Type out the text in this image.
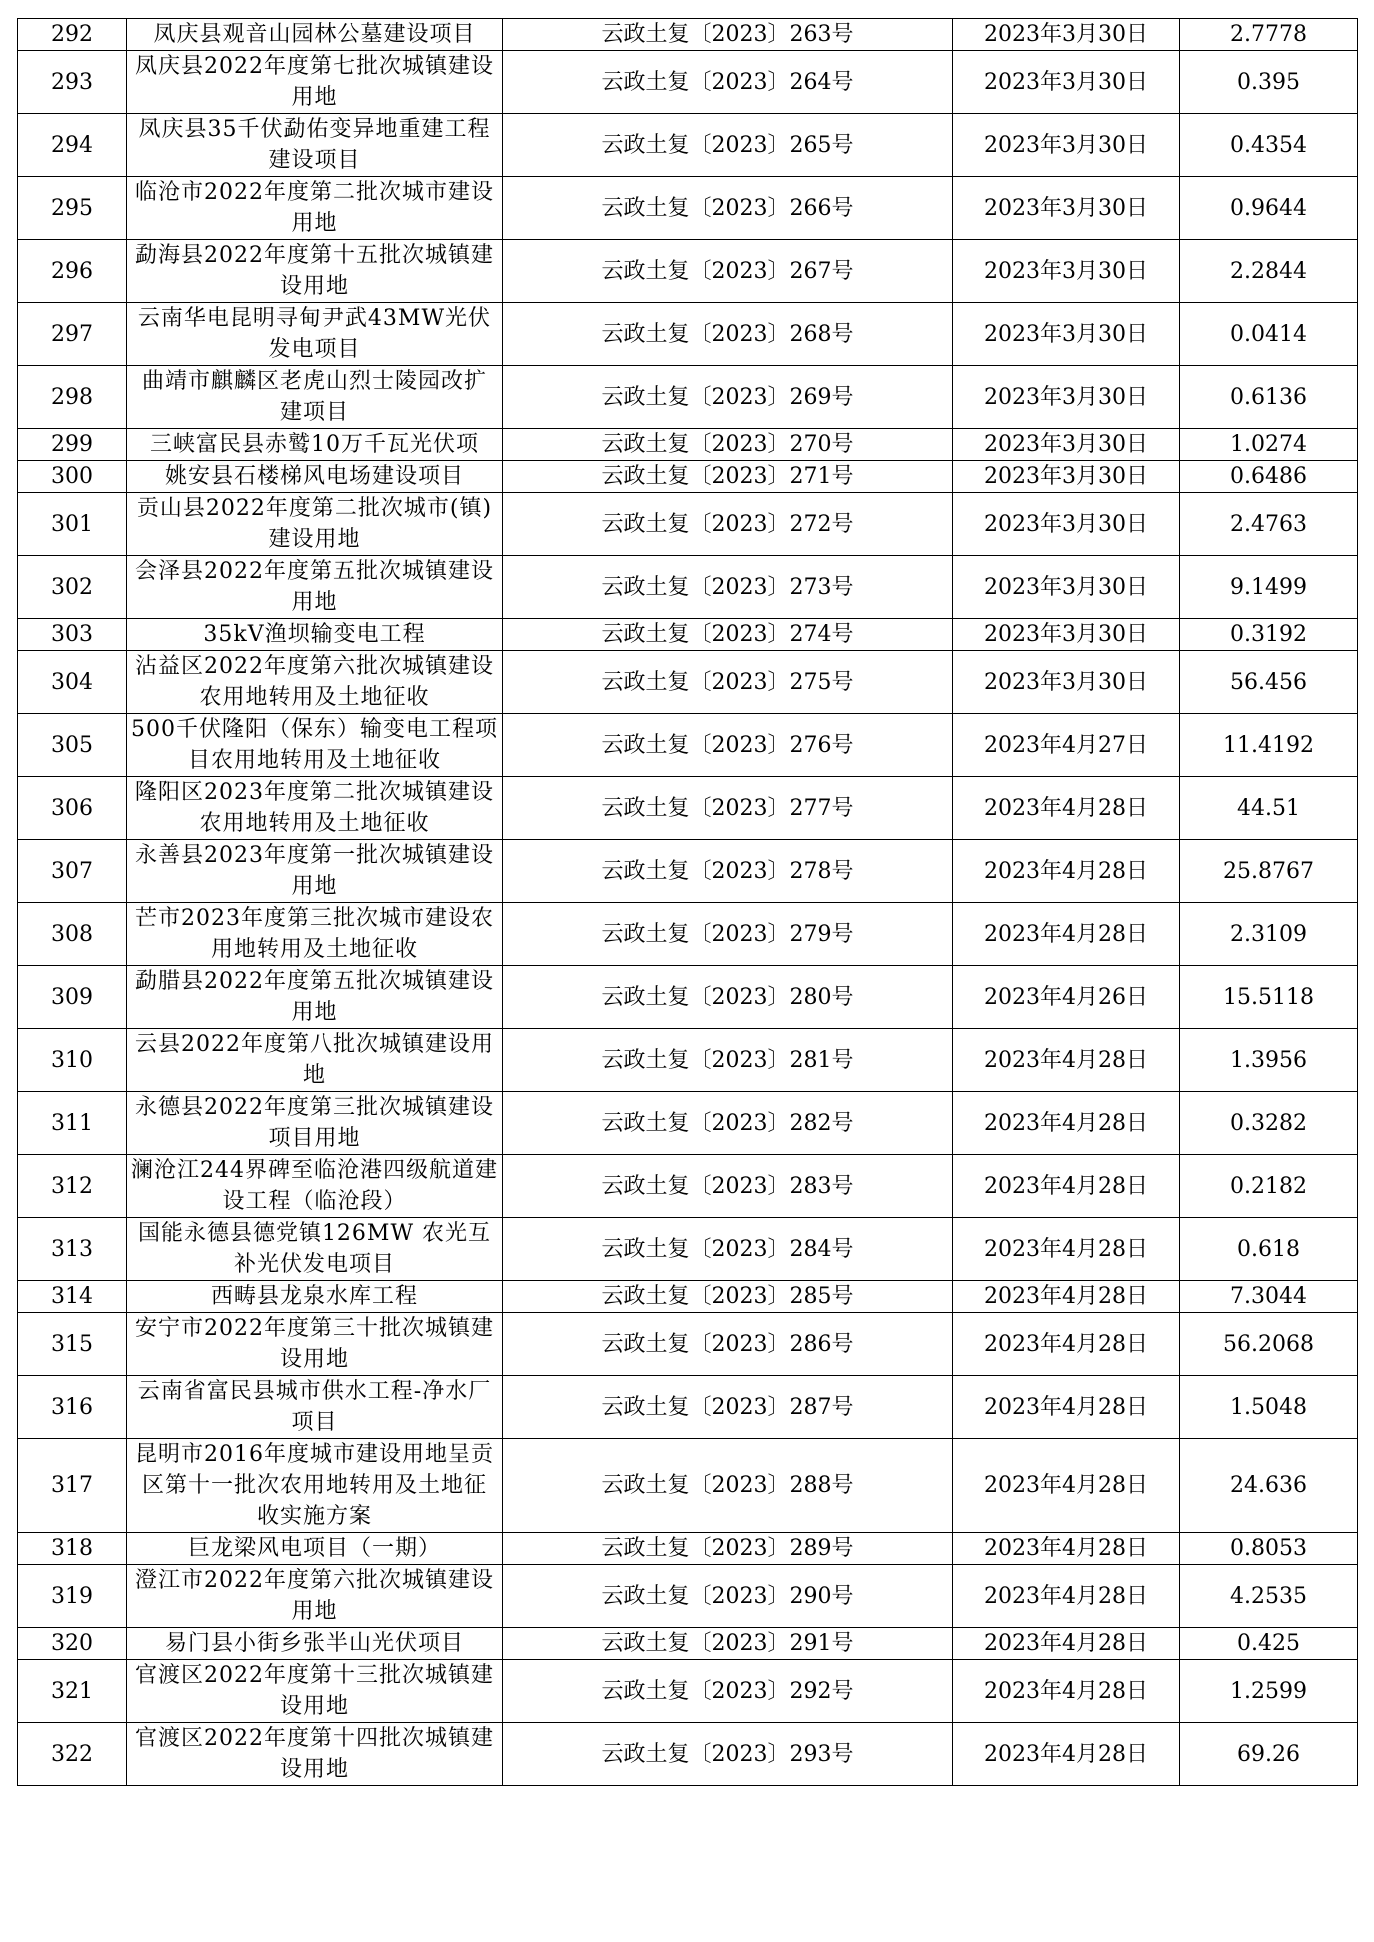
292	凤庆县观音山园林公墓建设项目	云政土复〔2023〕263号	2023年3月30日	2.7778
293	凤庆县2022年度第七批次城镇建设用地	云政土复〔2023〕264号	2023年3月30日	0.395
294	凤庆县35千伏勐佑变异地重建工程建设项目	云政土复〔2023〕265号	2023年3月30日	0.4354
295	临沧市2022年度第二批次城市建设用地	云政土复〔2023〕266号	2023年3月30日	0.9644
296	勐海县2022年度第十五批次城镇建设用地	云政土复〔2023〕267号	2023年3月30日	2.2844
297	云南华电昆明寻甸尹武43MW光伏发电项目	云政土复〔2023〕268号	2023年3月30日	0.0414
298	曲靖市麒麟区老虎山烈士陵园改扩建项目	云政土复〔2023〕269号	2023年3月30日	0.6136
299	三峡富民县赤鹫10万千瓦光伏项	云政土复〔2023〕270号	2023年3月30日	1.0274
300	姚安县石楼梯风电场建设项目	云政土复〔2023〕271号	2023年3月30日	0.6486
301	贡山县2022年度第二批次城市(镇)建设用地	云政土复〔2023〕272号	2023年3月30日	2.4763
302	会泽县2022年度第五批次城镇建设用地	云政土复〔2023〕273号	2023年3月30日	9.1499
303	35kV渔坝输变电工程	云政土复〔2023〕274号	2023年3月30日	0.3192
304	沾益区2022年度第六批次城镇建设农用地转用及土地征收	云政土复〔2023〕275号	2023年3月30日	56.456
305	500千伏隆阳（保东）输变电工程项目农用地转用及土地征收	云政土复〔2023〕276号	2023年4月27日	11.4192
306	隆阳区2023年度第二批次城镇建设农用地转用及土地征收	云政土复〔2023〕277号	2023年4月28日	44.51
307	永善县2023年度第一批次城镇建设用地	云政土复〔2023〕278号	2023年4月28日	25.8767
308	芒市2023年度第三批次城市建设农用地转用及土地征收	云政土复〔2023〕279号	2023年4月28日	2.3109
309	勐腊县2022年度第五批次城镇建设用地	云政土复〔2023〕280号	2023年4月26日	15.5118
310	云县2022年度第八批次城镇建设用地	云政土复〔2023〕281号	2023年4月28日	1.3956
311	永德县2022年度第三批次城镇建设项目用地	云政土复〔2023〕282号	2023年4月28日	0.3282
312	澜沧江244界碑至临沧港四级航道建设工程（临沧段）	云政土复〔2023〕283号	2023年4月28日	0.2182
313	国能永德县德党镇126MW 农光互补光伏发电项目	云政土复〔2023〕284号	2023年4月28日	0.618
314	西畴县龙泉水库工程	云政土复〔2023〕285号	2023年4月28日	7.3044
315	安宁市2022年度第三十批次城镇建设用地	云政土复〔2023〕286号	2023年4月28日	56.2068
316	云南省富民县城市供水工程-净水厂项目	云政土复〔2023〕287号	2023年4月28日	1.5048
317	昆明市2016年度城市建设用地呈贡区第十一批次农用地转用及土地征收实施方案	云政土复〔2023〕288号	2023年4月28日	24.636
318	巨龙梁风电项目（一期）	云政土复〔2023〕289号	2023年4月28日	0.8053
319	澄江市2022年度第六批次城镇建设用地	云政土复〔2023〕290号	2023年4月28日	4.2535
320	易门县小街乡张半山光伏项目	云政土复〔2023〕291号	2023年4月28日	0.425
321	官渡区2022年度第十三批次城镇建设用地	云政土复〔2023〕292号	2023年4月28日	1.2599
322	官渡区2022年度第十四批次城镇建设用地	云政土复〔2023〕293号	2023年4月28日	69.26
